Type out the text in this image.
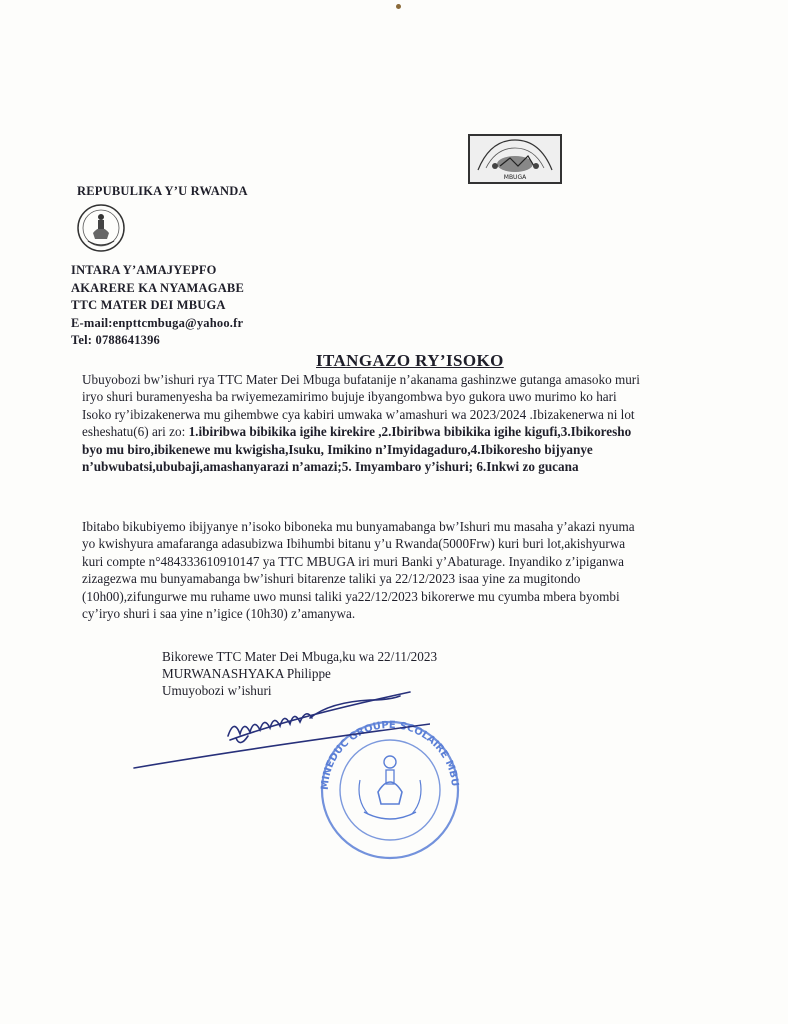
MBUGA
REPUBULIKA Y’U RWANDA
INTARA Y’AMAJYEPFO
AKARERE KA NYAMAGABE
TTC MATER DEI MBUGA
E-mail:enpttcmbuga@yahoo.fr
Tel: 0788641396
ITANGAZO RY’ISOKO
Ubuyobozi bw’ishuri rya TTC Mater Dei Mbuga bufatanije n’akanama gashinzwe gutanga amasoko muri
iryo shuri buramenyesha ba rwiyemezamirimo bujuje ibyangombwa byo gukora uwo murimo ko hari
Isoko ry’ibizakenerwa mu gihembwe cya kabiri umwaka w’amashuri wa 2023/2024 .Ibizakenerwa ni lot
esheshatu(6) ari zo: 1.ibiribwa bibikika igihe kirekire ,2.Ibiribwa bibikika igihe kigufi,3.Ibikoresho
byo mu biro,ibikenewe mu kwigisha,Isuku, Imikino n’Imyidagaduro,4.Ibikoresho bijyanye
n’ubwubatsi,ububaji,amashanyarazi n’amazi;5. Imyambaro y’ishuri; 6.Inkwi zo gucana
Ibitabo bikubiyemo ibijyanye n’isoko biboneka mu bunyamabanga bw’Ishuri mu masaha y’akazi nyuma
yo kwishyura amafaranga adasubizwa Ibihumbi bitanu y’u Rwanda(5000Frw) kuri buri lot,akishyurwa
kuri compte n°484333610910147 ya TTC MBUGA iri muri Banki y’Abaturage. Inyandiko z’ipiganwa
zizagezwa mu bunyamabanga bw’ishuri bitarenze taliki ya 22/12/2023 isaa yine za mugitondo
(10h00),zifungurwe mu ruhame uwo munsi taliki ya22/12/2023 bikorerwe mu cyumba mbera byombi
cy’iryo shuri i saa yine n’igice (10h30) z’amanywa.
Bikorewe TTC Mater Dei Mbuga,ku wa 22/11/2023
MURWANASHYAKA Philippe
Umuyobozi w’ishuri
MINEDUC GROUPE SCOLAIRE MBU
